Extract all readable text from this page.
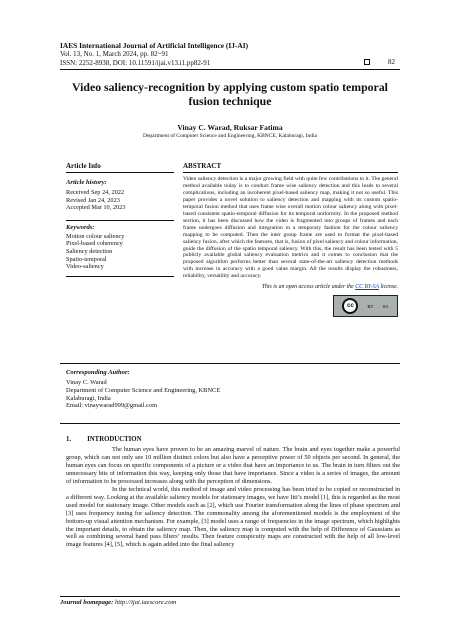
IAES International Journal of Artificial Intelligence (IJ-AI)
Vol. 13, No. 1, March 2024, pp. 82~91
ISSN: 2252-8938, DOI: 10.11591/ijai.v13.i1.pp82-91	82
Video saliency-recognition by applying custom spatio temporal fusion technique
Vinay C. Warad, Ruksar Fatima
Department of Computer Science and Engineering, KBNCE, Kalaburagi, India
Article Info
Article history:
Received Sep 24, 2022
Revised Jan 24, 2023
Accepted Mar 10, 2023
Keywords:
Motion colour saliency
Pixel-based coherency
Saliency detection
Spatio-temporal
Video-saliency
ABSTRACT
Video saliency detection is a major growing field with quite few contributions to it. The general method available today is to conduct frame wise saliency detection and this leads to several complications, including an incoherent pixel-based saliency map, making it not so useful. This paper provides a novel solution to saliency detection and mapping with its custom spatio-temporal fusion method that uses frame wise overall motion colour saliency along with pixel-based consistent spatio-temporal diffusion for its temporal uniformity. In the proposed method section, it has been discussed how the video is fragmented into groups of frames and each frame undergoes diffusion and integration in a temporary fashion for the colour saliency mapping to be computed. Then the inter group frame are used to format the pixel-based saliency fusion, after which the features, that is, fusion of pixel saliency and colour information, guide the diffusion of the spatio temporal saliency. With this, the result has been tested with 5 publicly available global saliency evaluation metrics and it comes to conclusion that the proposed algorithm performs better than several state-of-the-art saliency detection methods with increase in accuracy with a good value margin. All the results display the robustness, reliability, versatility and accuracy.
This is an open access article under the CC BY-SA license.
cc	BY SA
Corresponding Author:
Vinay C. Warad
Department of Computer Science and Engineering, KBNCE
Kalaburagi, India
Email: vinaywarad999@gmail.com
1. INTRODUCTION

The human eyes have proven to be an amazing marvel of nature. The brain and eyes together make a powerful group, which can not only see 10 million distinct colors but also have a perceptive power of 50 objects per second. In general, the human eyes can focus on specific components of a picture or a video that have an importance to us. The brain in turn filters out the unnecessary bits of information this way, keeping only those that have importance. Since a video is a series of images, the amount of information to be processed increases along with the perception of dimensions.

In the technical world, this method of image and video processing has been tried to be copied or reconstructed in a different way. Looking at the available saliency models for stationary images, we have Itti’s model [1], this is regarded as the most used model for stationary image. Other models such as [2], which use Fourier transformation along the lines of phase spectrum and [3] uses frequency tuning for saliency detection. The commonality among the aforementioned models is the employment of the bottom-up visual attention mechanism. For example, [3] model uses a range of frequencies in the image spectrum, which highlights the important details, to obtain the saliency map. Then, the saliency map is computed with the help of Difference of Gaussians as well as combining several band pass filters’ results. Then feature conspicuity maps are constructed with the help of all low-level image features [4], [5], which is again added into the final saliency

Journal homepage: http://ijai.iaescore.com
